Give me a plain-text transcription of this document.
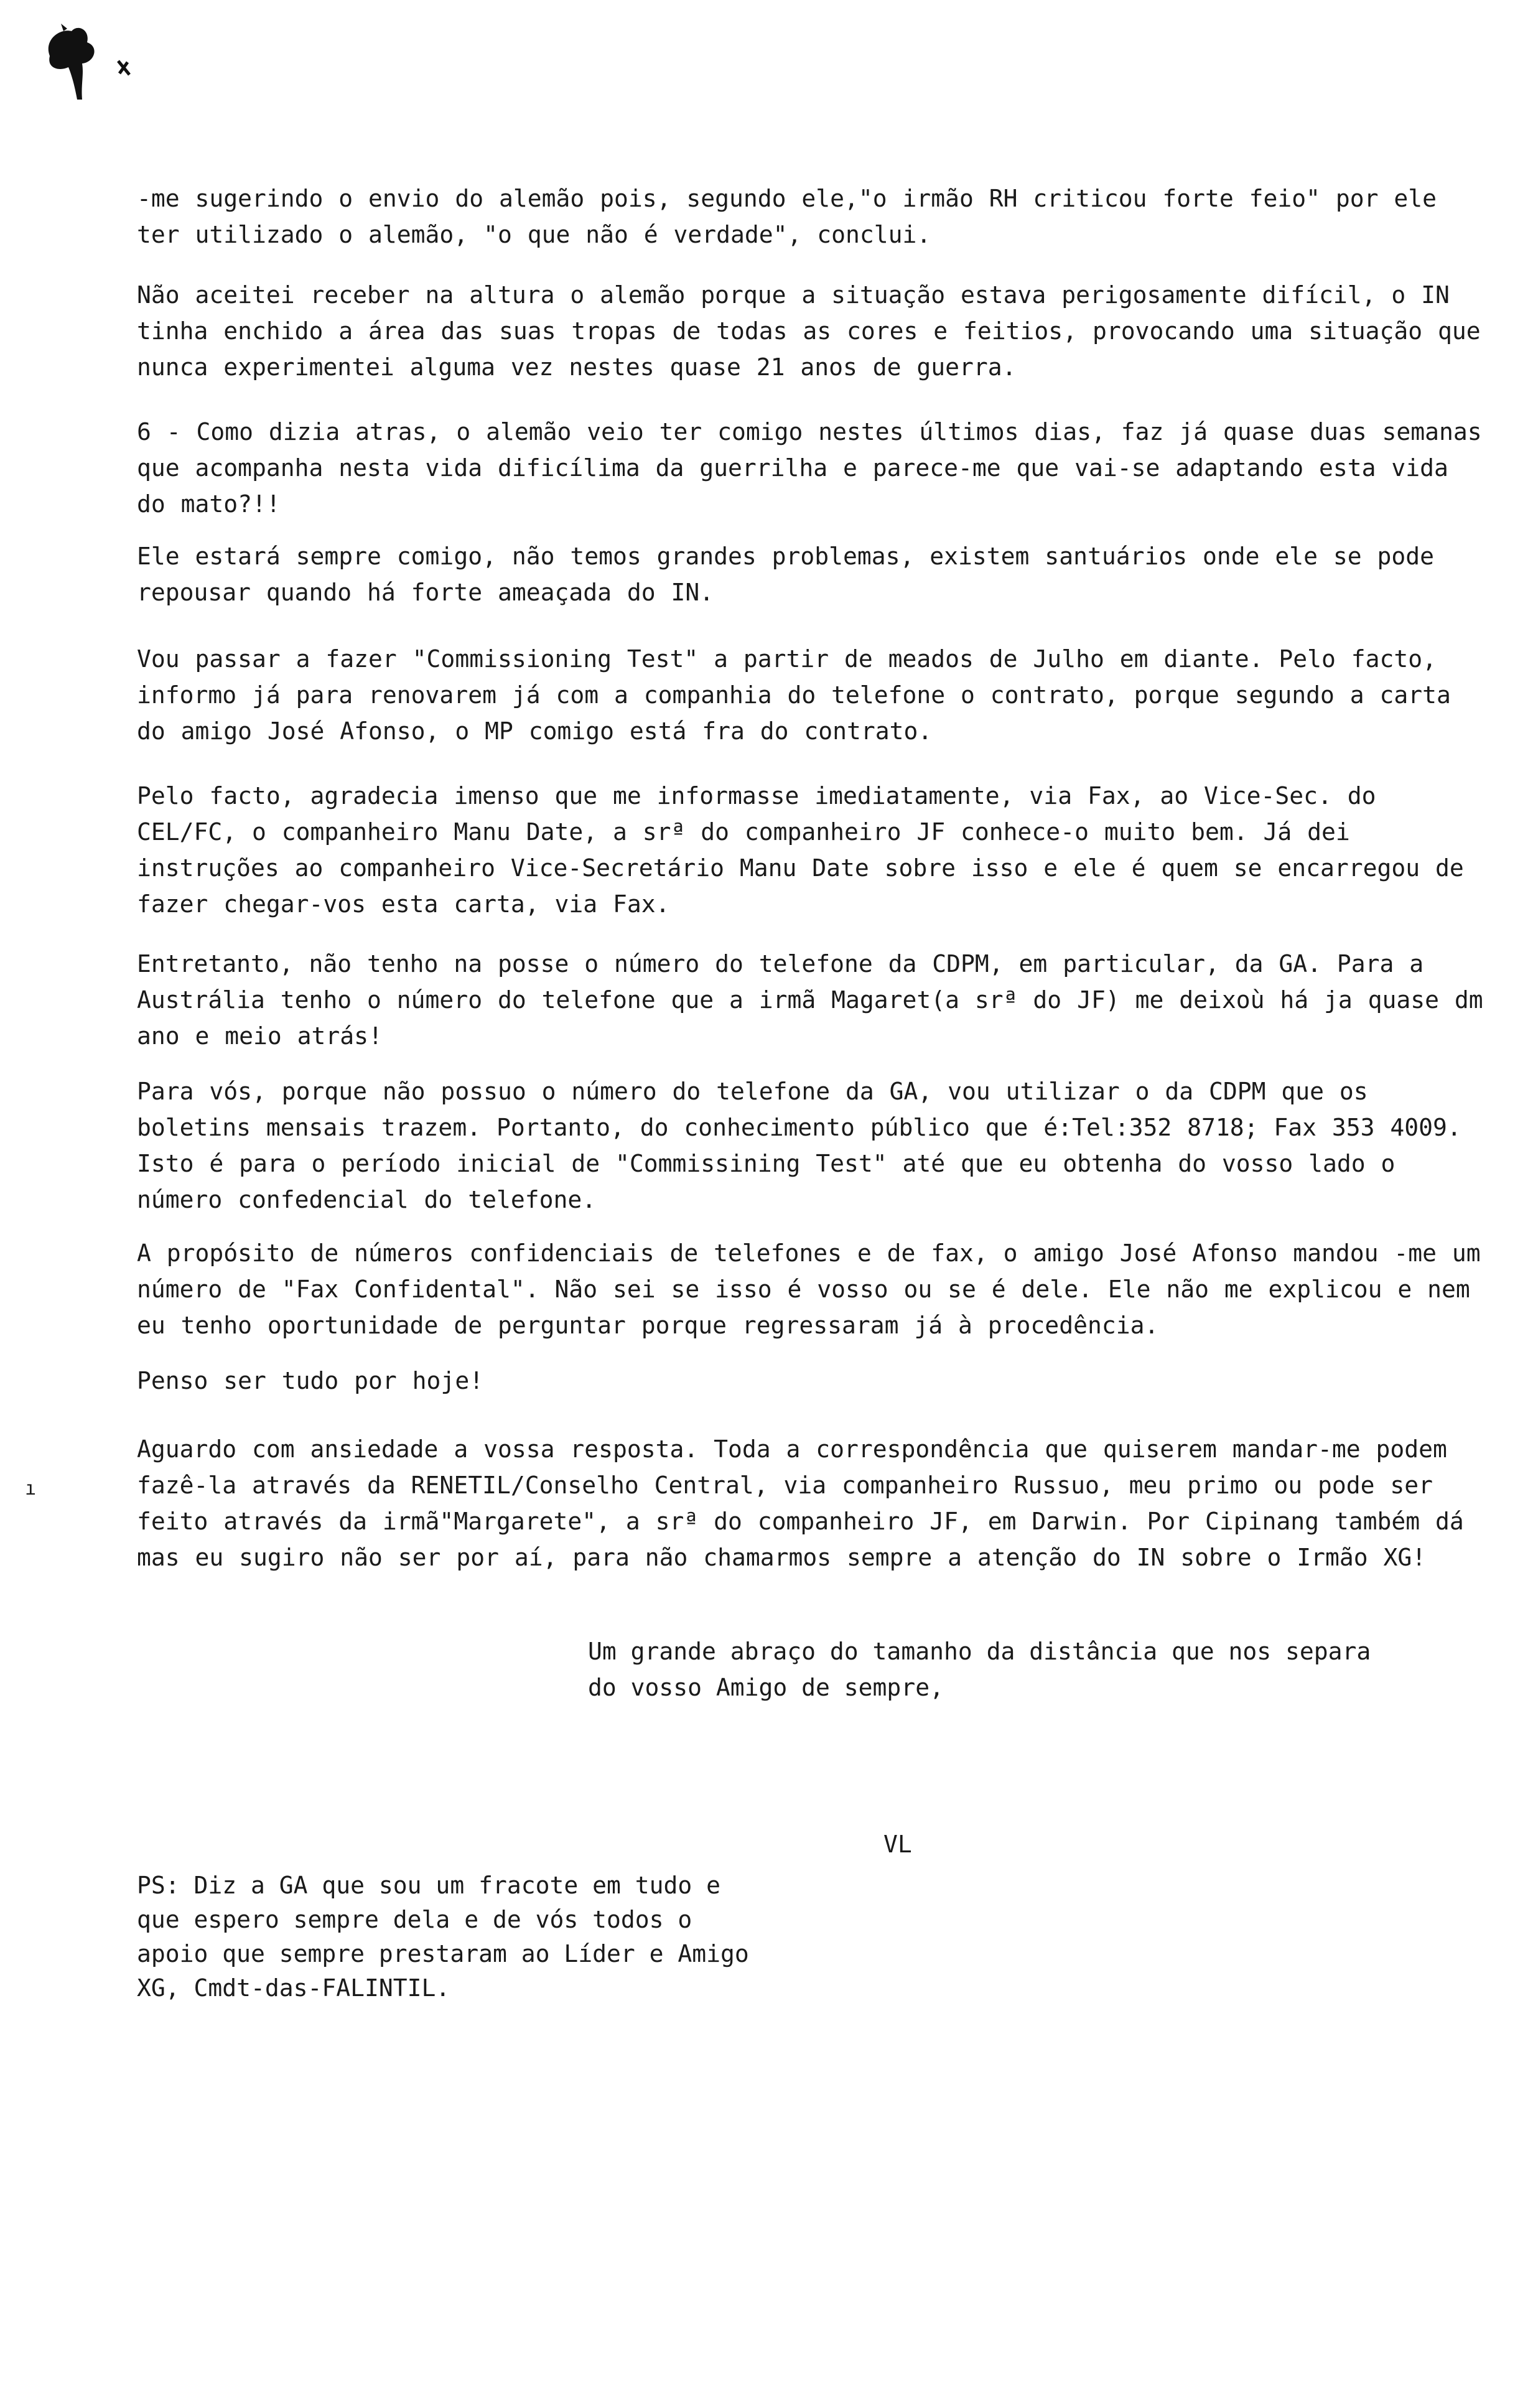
-me sugerindo o envio do alemão pois, segundo ele,"o irmão RH criticou forte feio" por ele ter utilizado o alemão, "o que não é verdade", conclui.

Não aceitei receber na altura o alemão porque a situação estava perigosamente difícil, o IN tinha enchido a área das suas tropas de todas as cores e feitios, provocando uma situação que nunca experimentei alguma vez nestes quase 21 anos de guerra.

6 - Como dizia atras, o alemão veio ter comigo nestes últimos dias, faz já quase duas semanas que acompanha nesta vida dificílima da guerrilha e parece-me que vai-se adaptando esta vida do mato?!!

Ele estará sempre comigo, não temos grandes problemas, existem santuários onde ele se pode repousar quando há forte ameaçada do IN.

Vou passar a fazer "Commissioning Test" a partir de meados de Julho em diante. Pelo facto, informo já para renovarem já com a companhia do telefone o contrato, porque segundo a carta do amigo José Afonso, o MP comigo está fra do contrato.

Pelo facto, agradecia imenso que me informasse imediatamente, via Fax, ao Vice-Sec. do CEL/FC, o companheiro Manu Date, a srª do companheiro JF conhece-o muito bem. Já dei instruções ao companheiro Vice-Secretário Manu Date sobre isso e ele é quem se encarregou de fazer chegar-vos esta carta, via Fax.

Entretanto, não tenho na posse o número do telefone da CDPM, em particular, da GA. Para a Austrália tenho o número do telefone que a irmã Magaret(a srª do JF) me deixoù há ja quase dm ano e meio atrás!

Para vós, porque não possuo o número do telefone da GA, vou utilizar o da CDPM que os boletins mensais trazem. Portanto, do conhecimento público que é:Tel:352 8718; Fax 353 4009. Isto é para o período inicial de "Commissining Test" até que eu obtenha do vosso lado o número confedencial do telefone.

A propósito de números confidenciais de telefones e de fax, o amigo José Afonso mandou -me um número de "Fax Confidental". Não sei se isso é vosso ou se é dele. Ele não me explicou e nem eu tenho oportunidade de perguntar porque regressaram já à procedência.

Penso ser tudo por hoje!

Aguardo com ansiedade a vossa resposta. Toda a correspondência que quiserem mandar-me podem fazê-la através da RENETIL/Conselho Central, via companheiro Russuo, meu primo ou pode ser feito através da irmã"Margarete", a srª do companheiro JF, em Darwin. Por Cipinang também dá mas eu sugiro não ser por aí, para não chamarmos sempre a atenção do IN sobre o Irmão XG!

ı

Um grande abraço do tamanho da distância que nos separa

do vosso Amigo de sempre,

VL

PS: Diz a GA que sou um fracote em tudo e
que espero sempre dela e de vós todos o
apoio que sempre prestaram ao Líder e Amigo
XG, Cmdt-das-FALINTIL.
